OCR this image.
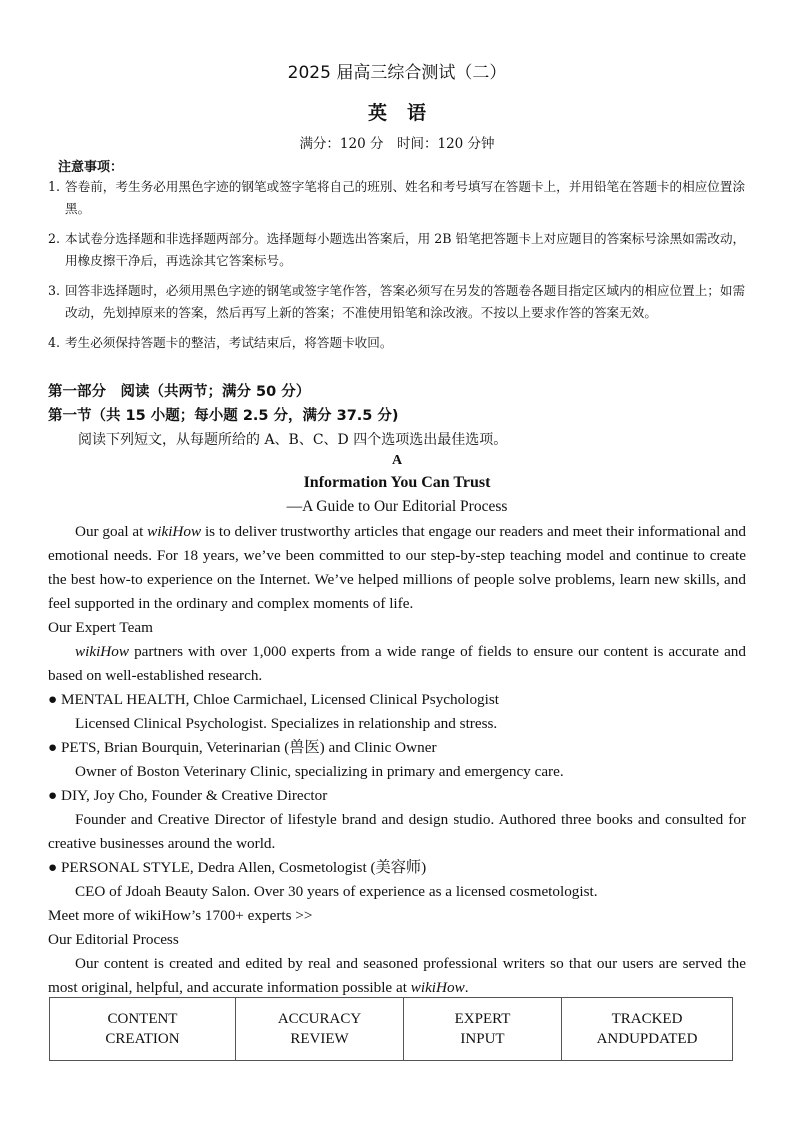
2025 届高三综合测试（二）
英语
满分：120 分　时间：120 分钟
注意事项：
1. 答卷前，考生务必用黑色字迹的钢笔或签字笔将自己的班別、姓名和考号填写在答题卡上，并用铅笔在答题卡的相应位置涂黑。
2. 本试卷分选择题和非选择题两部分。选择题每小题选出答案后，用 2B 铅笔把答题卡上对应题目的答案标号涂黑如需改动，用橡皮擦干净后，再选涂其它答案标号。
3. 回答非选择题时，必须用黑色字迹的钢笔或签字笔作答，答案必须写在另发的答题卷各题目指定区域内的相应位置上；如需改动，先划掉原来的答案，然后再写上新的答案；不准使用铅笔和涂改液。不按以上要求作答的答案无效。
4. 考生必须保持答题卡的整洁，考试结束后，将答题卡收回。
第一部分　阅读（共两节；满分 50 分）
第一节（共 15 小题；每小题 2.5 分，满分 37.5 分)
阅读下列短文，从每题所给的 A、B、C、D 四个选项选出最佳选项。
A
Information You Can Trust
—A Guide to Our Editorial Process

Our goal at wikiHow is to deliver trustworthy articles that engage our readers and meet their informational and emotional needs. For 18 years, we’ve been committed to our step-by-step teaching model and continue to create the best how-to experience on the Internet. We’ve helped millions of people solve problems, learn new skills, and feel supported in the ordinary and complex moments of life.

Our Expert Team

wikiHow partners with over 1,000 experts from a wide range of fields to ensure our content is accurate and based on well-established research.

● MENTAL HEALTH, Chloe Carmichael, Licensed Clinical Psychologist

Licensed Clinical Psychologist. Specializes in relationship and stress.

● PETS, Brian Bourquin, Veterinarian (兽医) and Clinic Owner

Owner of Boston Veterinary Clinic, specializing in primary and emergency care.

● DIY, Joy Cho, Founder & Creative Director

Founder and Creative Director of lifestyle brand and design studio. Authored three books and consulted for creative businesses around the world.

● PERSONAL STYLE, Dedra Allen, Cosmetologist (美容师)

CEO of Jdoah Beauty Salon. Over 30 years of experience as a licensed cosmetologist.

Meet more of wikiHow’s 1700+ experts >>

Our Editorial Process

Our content is created and edited by real and seasoned professional writers so that our users are served the most original, helpful, and accurate information possible at wikiHow.

CONTENT
CREATION
ACCURACY
REVIEW
EXPERT
INPUT
TRACKED
ANDUPDATED
